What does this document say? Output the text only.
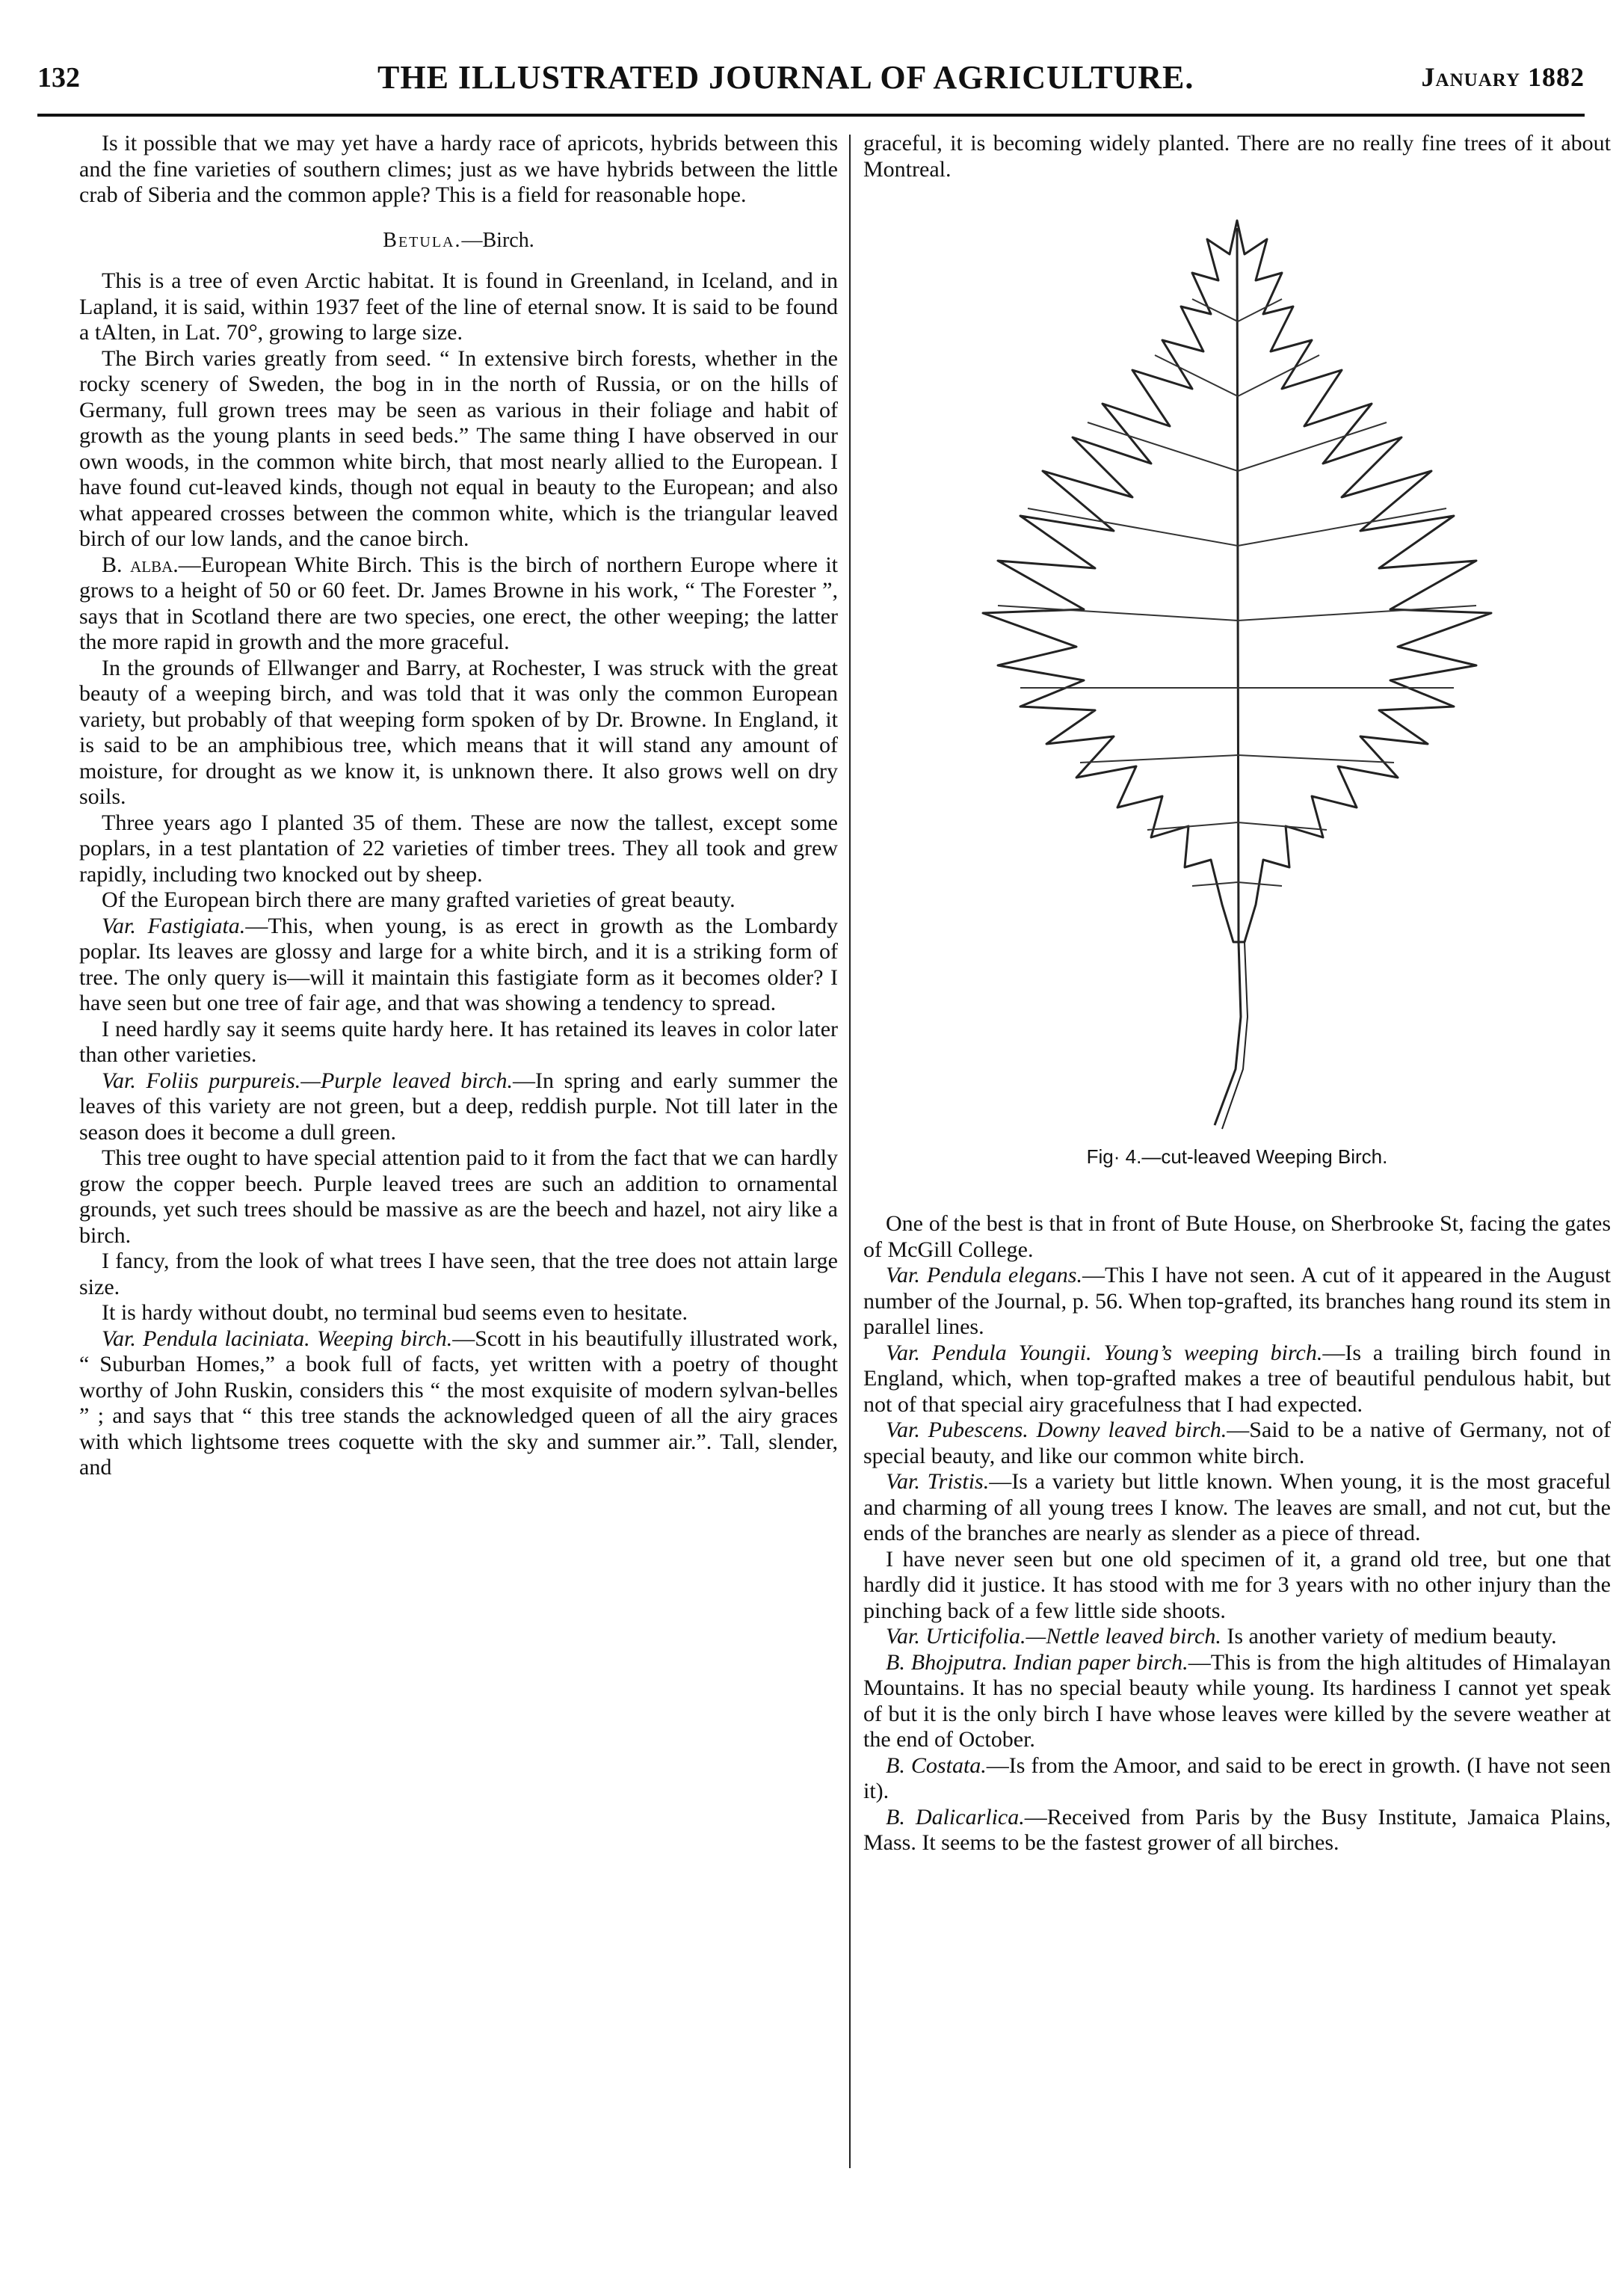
132	THE ILLUSTRATED JOURNAL OF AGRICULTURE.	January 1882

Is it possible that we may yet have a hardy race of apricots, hybrids between this and the fine varieties of southern climes; just as we have hybrids between the little crab of Siberia and the common apple? This is a field for reasonable hope.

Betula.—Birch.

This is a tree of even Arctic habitat. It is found in Greenland, in Iceland, and in Lapland, it is said, within 1937 feet of the line of eternal snow. It is said to be found a tAlten, in Lat. 70°, growing to large size.

The Birch varies greatly from seed. “ In extensive birch forests, whether in the rocky scenery of Sweden, the bog in in the north of Russia, or on the hills of Germany, full grown trees may be seen as various in their foliage and habit of growth as the young plants in seed beds.” The same thing I have observed in our own woods, in the common white birch, that most nearly allied to the European. I have found cut-leaved kinds, though not equal in beauty to the European; and also what appeared crosses between the common white, which is the triangular leaved birch of our low lands, and the canoe birch.

B. alba.—European White Birch. This is the birch of northern Europe where it grows to a height of 50 or 60 feet. Dr. James Browne in his work, “ The Forester ”, says that in Scotland there are two species, one erect, the other weeping; the latter the more rapid in growth and the more graceful.

In the grounds of Ellwanger and Barry, at Rochester, I was struck with the great beauty of a weeping birch, and was told that it was only the common European variety, but probably of that weeping form spoken of by Dr. Browne. In England, it is said to be an amphibious tree, which means that it will stand any amount of moisture, for drought as we know it, is unknown there. It also grows well on dry soils.

Three years ago I planted 35 of them. These are now the tallest, except some poplars, in a test plantation of 22 varieties of timber trees. They all took and grew rapidly, including two knocked out by sheep.

Of the European birch there are many grafted varieties of great beauty.

Var. Fastigiata.—This, when young, is as erect in growth as the Lombardy poplar. Its leaves are glossy and large for a white birch, and it is a striking form of tree. The only query is—will it maintain this fastigiate form as it becomes older? I have seen but one tree of fair age, and that was showing a tendency to spread.

I need hardly say it seems quite hardy here. It has retained its leaves in color later than other varieties.

Var. Foliis purpureis.—Purple leaved birch.—In spring and early summer the leaves of this variety are not green, but a deep, reddish purple. Not till later in the season does it become a dull green.

This tree ought to have special attention paid to it from the fact that we can hardly grow the copper beech. Purple leaved trees are such an addition to ornamental grounds, yet such trees should be massive as are the beech and hazel, not airy like a birch.

I fancy, from the look of what trees I have seen, that the tree does not attain large size.

It is hardy without doubt, no terminal bud seems even to hesitate.

Var. Pendula laciniata. Weeping birch.—Scott in his beautifully illustrated work, “ Suburban Homes,” a book full of facts, yet written with a poetry of thought worthy of John Ruskin, considers this “ the most exquisite of modern sylvan-belles ” ; and says that “ this tree stands the acknowledged queen of all the airy graces with which lightsome trees coquette with the sky and summer air.”. Tall, slender, and

graceful, it is becoming widely planted. There are no really fine trees of it about Montreal.

Fig· 4.—cut-leaved Weeping Birch.

One of the best is that in front of Bute House, on Sherbrooke St, facing the gates of McGill College.

Var. Pendula elegans.—This I have not seen. A cut of it appeared in the August number of the Journal, p. 56. When top-grafted, its branches hang round its stem in parallel lines.

Var. Pendula Youngii. Young’s weeping birch.—Is a trailing birch found in England, which, when top-grafted makes a tree of beautiful pendulous habit, but not of that special airy gracefulness that I had expected.

Var. Pubescens. Downy leaved birch.—Said to be a native of Germany, not of special beauty, and like our common white birch.

Var. Tristis.—Is a variety but little known. When young, it is the most graceful and charming of all young trees I know. The leaves are small, and not cut, but the ends of the branches are nearly as slender as a piece of thread.

I have never seen but one old specimen of it, a grand old tree, but one that hardly did it justice. It has stood with me for 3 years with no other injury than the pinching back of a few little side shoots.

Var. Urticifolia.—Nettle leaved birch. Is another variety of medium beauty.

B. Bhojputra. Indian paper birch.—This is from the high altitudes of Himalayan Mountains. It has no special beauty while young. Its hardiness I cannot yet speak of but it is the only birch I have whose leaves were killed by the severe weather at the end of October.

B. Costata.—Is from the Amoor, and said to be erect in growth. (I have not seen it).

B. Dalicarlica.—Received from Paris by the Busy Institute, Jamaica Plains, Mass. It seems to be the fastest grower of all birches.
